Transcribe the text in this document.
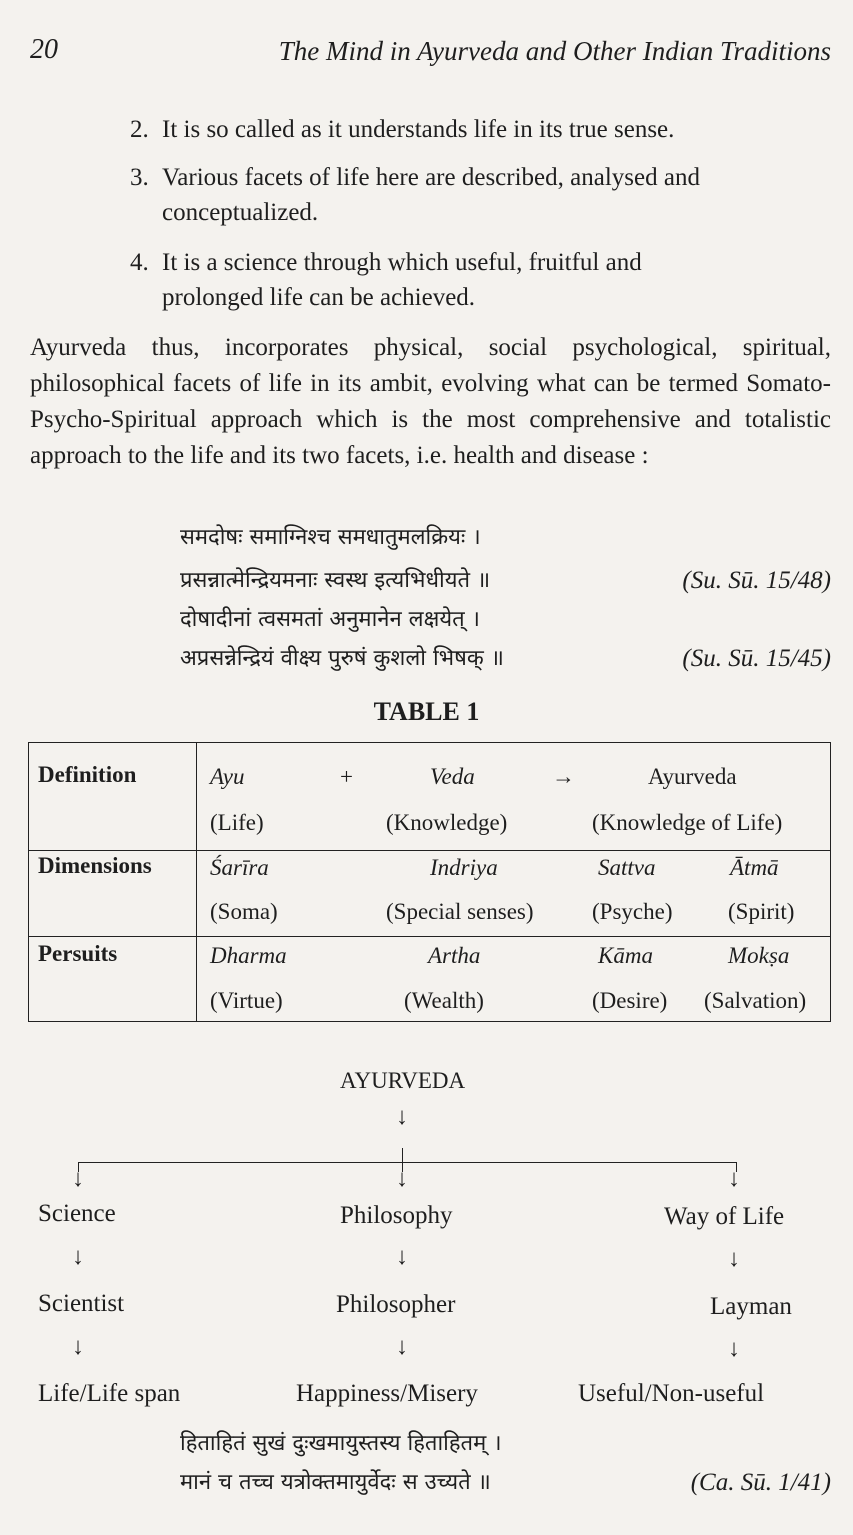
20	The Mind in Ayurveda and Other Indian Traditions
2. It is so called as it understands life in its true sense.
3. Various facets of life here are described, analysed and
conceptualized.
4. It is a science through which useful, fruitful and
prolonged life can be achieved.
Ayurveda thus, incorporates physical, social psychological, spiritual, philosophical facets of life in its ambit, evolving what can be termed Somato-Psycho-Spiritual approach which is the most comprehensive and totalistic approach to the life and its two facets, i.e. health and disease :
समदोषः समाग्निश्च समधातुमलक्रियः ।
प्रसन्नात्मेन्द्रियमनाः स्वस्थ इत्यभिधीयते ॥	(Su. Sū. 15/48)
दोषादीनां त्वसमतां अनुमानेन लक्षयेत् ।
अप्रसन्नेन्द्रियं वीक्ष्य पुरुषं कुशलो भिषक् ॥	(Su. Sū. 15/45)
TABLE 1
Definition	Ayu	+	Veda	→	Ayurveda
(Life)	(Knowledge)	(Knowledge of Life)
Dimensions	Śarīra	Indriya	Sattva	Ātmā
(Soma)	(Special senses)	(Psyche) (Spirit)
Persuits	Dharma	Artha	Kāma	Mokṣa
(Virtue)	(Wealth)	(Desire) (Salvation)
AYURVEDA
↓
↓	↓	↓
Science	Philosophy	Way of Life
↓	↓	↓
Scientist	Philosopher	Layman
↓	↓	↓
Life/Life span	Happiness/Misery	Useful/Non-useful
हिताहितं सुखं दुःखमायुस्तस्य हिताहितम् ।
मानं च तच्च यत्रोक्तमायुर्वेदः स उच्यते ॥	(Ca. Sū. 1/41)
